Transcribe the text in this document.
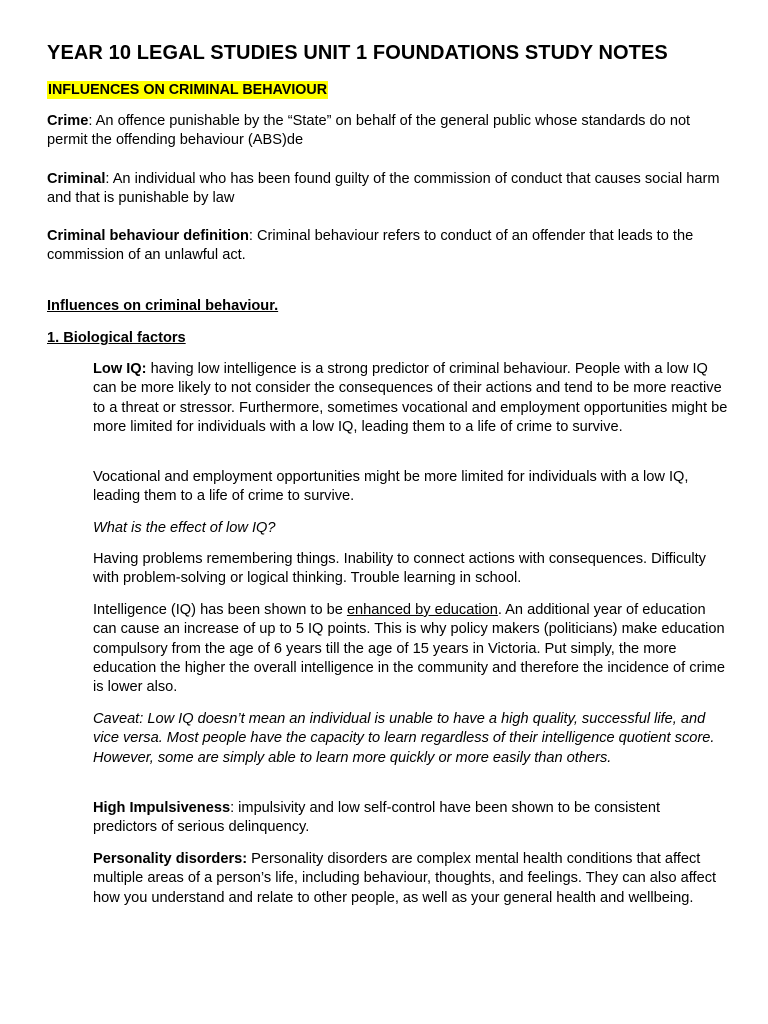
YEAR 10 LEGAL STUDIES UNIT 1 FOUNDATIONS STUDY NOTES
INFLUENCES ON CRIMINAL BEHAVIOUR

Crime: An offence punishable by the “State” on behalf of the general public whose standards do not permit the offending behaviour (ABS)de

Criminal: An individual who has been found guilty of the commission of conduct that causes social harm and that is punishable by law

Criminal behaviour definition: Criminal behaviour refers to conduct of an offender that leads to the commission of an unlawful act.

Influences on criminal behaviour.

1. Biological factors

Low IQ: having low intelligence is a strong predictor of criminal behaviour. People with a low IQ can be more likely to not consider the consequences of their actions and tend to be more reactive to a threat or stressor. Furthermore, sometimes vocational and employment opportunities might be more limited for individuals with a low IQ, leading them to a life of crime to survive.

Vocational and employment opportunities might be more limited for individuals with a low IQ, leading them to a life of crime to survive.

What is the effect of low IQ?

Having problems remembering things. Inability to connect actions with consequences. Difficulty with problem-solving or logical thinking. Trouble learning in school.

Intelligence (IQ) has been shown to be enhanced by education. An additional year of education can cause an increase of up to 5 IQ points. This is why policy makers (politicians) make education compulsory from the age of 6 years till the age of 15 years in Victoria. Put simply, the more education the higher the overall intelligence in the community and therefore the incidence of crime is lower also.

Caveat: Low IQ doesn’t mean an individual is unable to have a high quality, successful life, and vice versa. Most people have the capacity to learn regardless of their intelligence quotient score. However, some are simply able to learn more quickly or more easily than others.

High Impulsiveness: impulsivity and low self-control have been shown to be consistent predictors of serious delinquency.

Personality disorders: Personality disorders are complex mental health conditions that affect multiple areas of a person’s life, including behaviour, thoughts, and feelings. They can also affect how you understand and relate to other people, as well as your general health and wellbeing.
